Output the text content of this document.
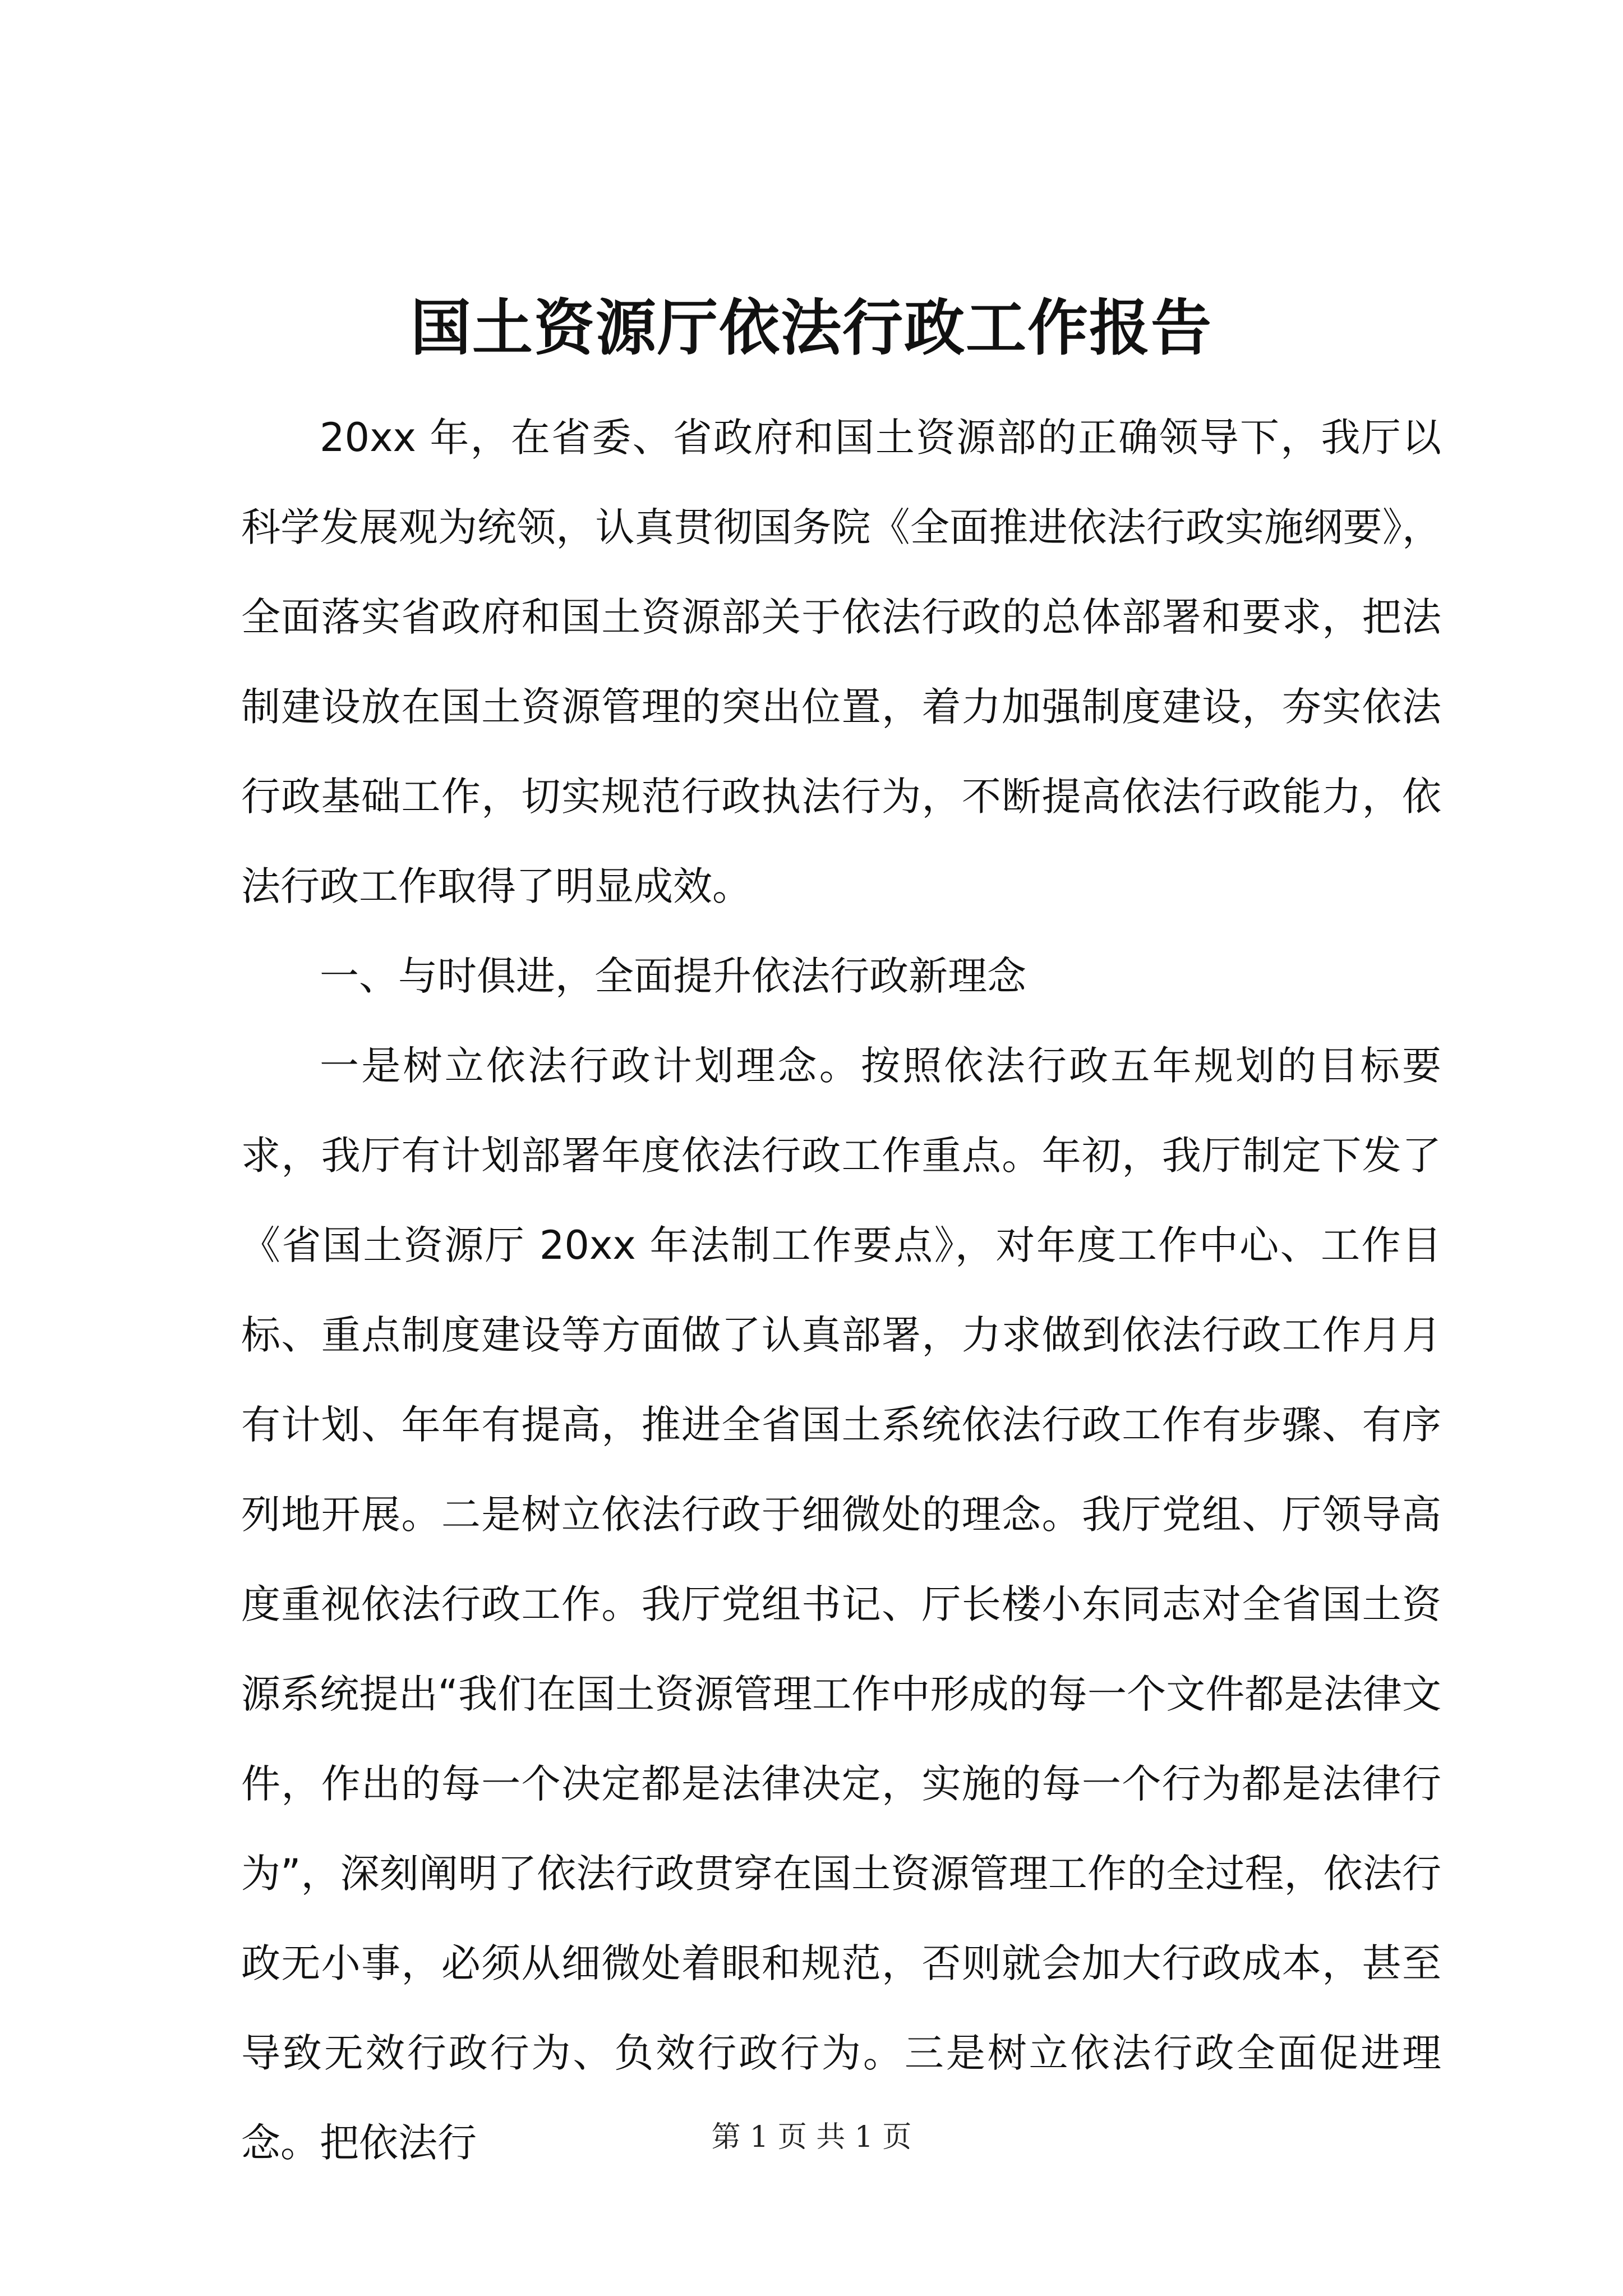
国土资源厅依法行政工作报告

20xx 年，在省委、省政府和国土资源部的正确领导下，我厅以科学发展观为统领，认真贯彻国务院《全面推进依法行政实施纲要》，全面落实省政府和国土资源部关于依法行政的总体部署和要求，把法制建设放在国土资源管理的突出位置，着力加强制度建设，夯实依法行政基础工作，切实规范行政执法行为，不断提高依法行政能力，依法行政工作取得了明显成效。

一、与时俱进，全面提升依法行政新理念

一是树立依法行政计划理念。按照依法行政五年规划的目标要求，我厅有计划部署年度依法行政工作重点。年初，我厅制定下发了《省国土资源厅 20xx 年法制工作要点》，对年度工作中心、工作目标、重点制度建设等方面做了认真部署，力求做到依法行政工作月月有计划、年年有提高，推进全省国土系统依法行政工作有步骤、有序列地开展。二是树立依法行政于细微处的理念。我厅党组、厅领导高度重视依法行政工作。我厅党组书记、厅长楼小东同志对全省国土资源系统提出“我们在国土资源管理工作中形成的每一个文件都是法律文件，作出的每一个决定都是法律决定，实施的每一个行为都是法律行为”，深刻阐明了依法行政贯穿在国土资源管理工作的全过程，依法行政无小事，必须从细微处着眼和规范，否则就会加大行政成本，甚至导致无效行政行为、负效行政行为。三是树立依法行政全面促进理念。把依法行	第 1 页 共 1 页
